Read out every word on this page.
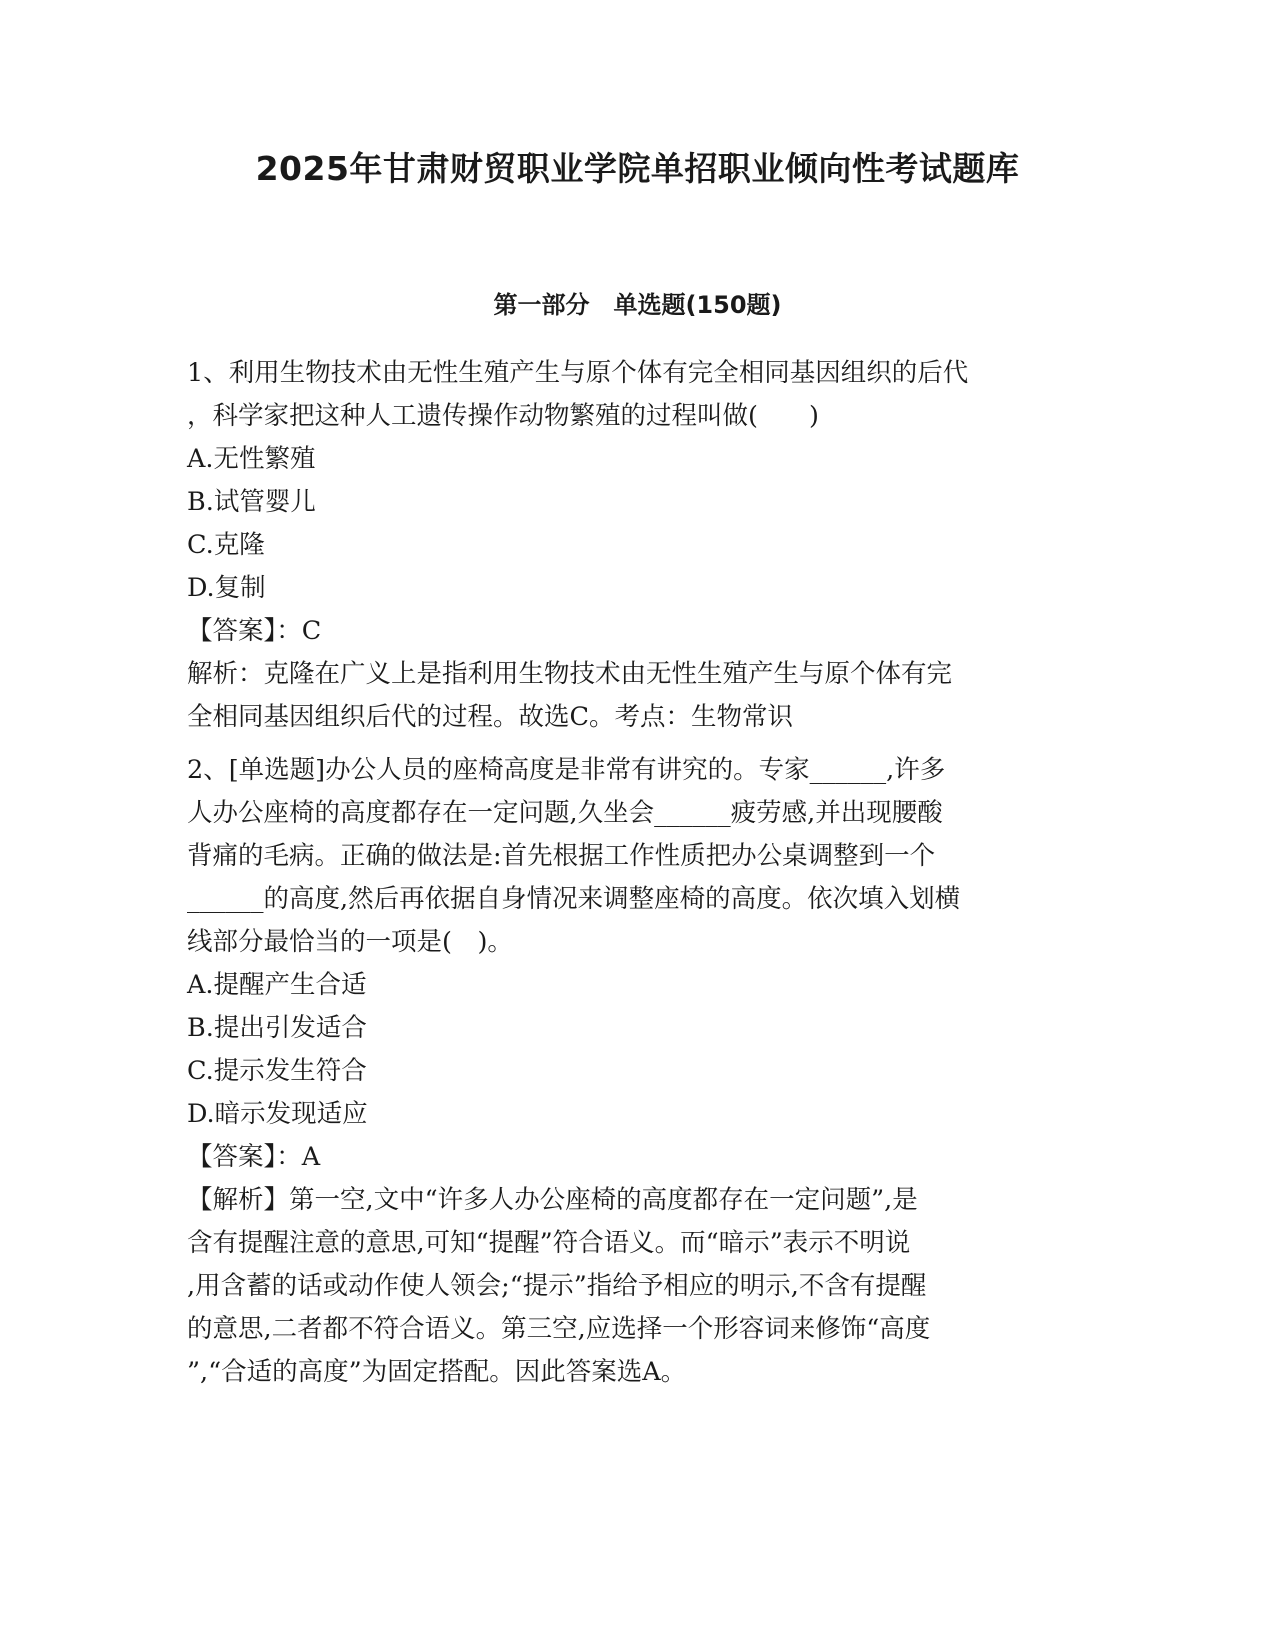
2025年甘肃财贸职业学院单招职业倾向性考试题库
第一部分　单选题(150题)
1、利用生物技术由无性生殖产生与原个体有完全相同基因组织的后代
，科学家把这种人工遗传操作动物繁殖的过程叫做(　　)
A.无性繁殖
B.试管婴儿
C.克隆
D.复制
【答案】：C
解析：克隆在广义上是指利用生物技术由无性生殖产生与原个体有完
全相同基因组织后代的过程。故选C。考点：生物常识
2、[单选题]办公人员的座椅高度是非常有讲究的。专家______,许多
人办公座椅的高度都存在一定问题,久坐会______疲劳感,并出现腰酸
背痛的毛病。正确的做法是:首先根据工作性质把办公桌调整到一个
______的高度,然后再依据自身情况来调整座椅的高度。依次填入划横
线部分最恰当的一项是(　)。
A.提醒产生合适
B.提出引发适合
C.提示发生符合
D.暗示发现适应
【答案】：A
【解析】第一空,文中“许多人办公座椅的高度都存在一定问题”,是
含有提醒注意的意思,可知“提醒”符合语义。而“暗示”表示不明说
,用含蓄的话或动作使人领会;“提示”指给予相应的明示,不含有提醒
的意思,二者都不符合语义。第三空,应选择一个形容词来修饰“高度
”,“合适的高度”为固定搭配。因此答案选A。
